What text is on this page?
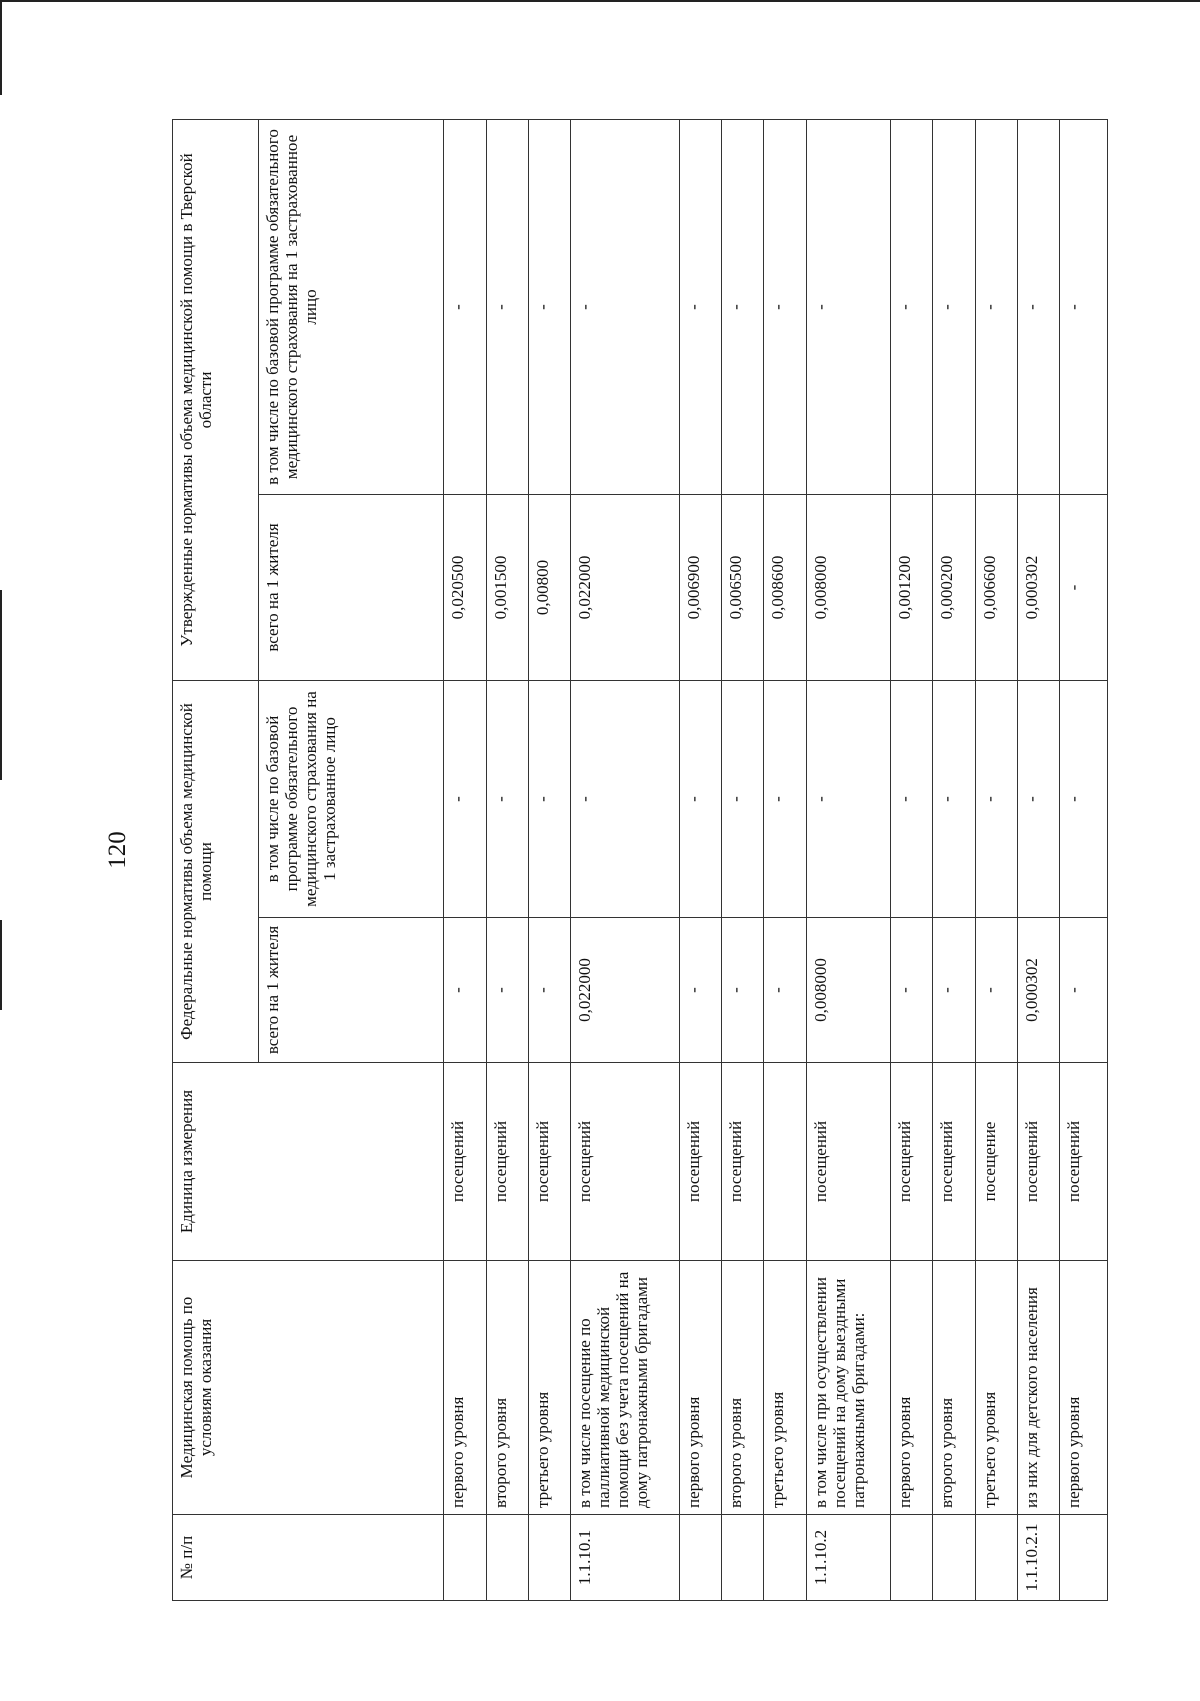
120
№ п/п	Медицинская помощь по условиям оказания	Единица измерения	Федеральные нормативы объема медицинской помощи		Утвержденные нормативы объема медицинской помощи в Тверской области	
			всего на 1 жителя	в том числе по базовой программе обязательного медицинского страхования на 1 застрахованное лицо	всего на 1 жителя	в том числе по базовой программе обязательного медицинского страхования на 1 застрахованное лицо
	первого уровня	посещений	-	-	0,020500	-
	второго уровня	посещений	-	-	0,001500	-
	третьего уровня	посещений	-	-	0,00800	-
1.1.10.1	в том числе посещение по паллиативной медицинской помощи без учета посещений на дому патронажными бригадами	посещений	0,022000	-	0,022000	-
	первого уровня	посещений	-	-	0,006900	-
	второго уровня	посещений	-	-	0,006500	-
	третьего уровня		-	-	0,008600	-
1.1.10.2	в том числе при осуществлении посещений на дому выездными патронажными бригадами:	посещений	0,008000	-	0,008000	-
	первого уровня	посещений	-	-	0,001200	-
	второго уровня	посещений	-	-	0,000200	-
	третьего уровня	посещение	-	-	0,006600	-
1.1.10.2.1	из них для детского населения	посещений	0,000302	-	0,000302	-
	первого уровня	посещений	-	-	-	-
